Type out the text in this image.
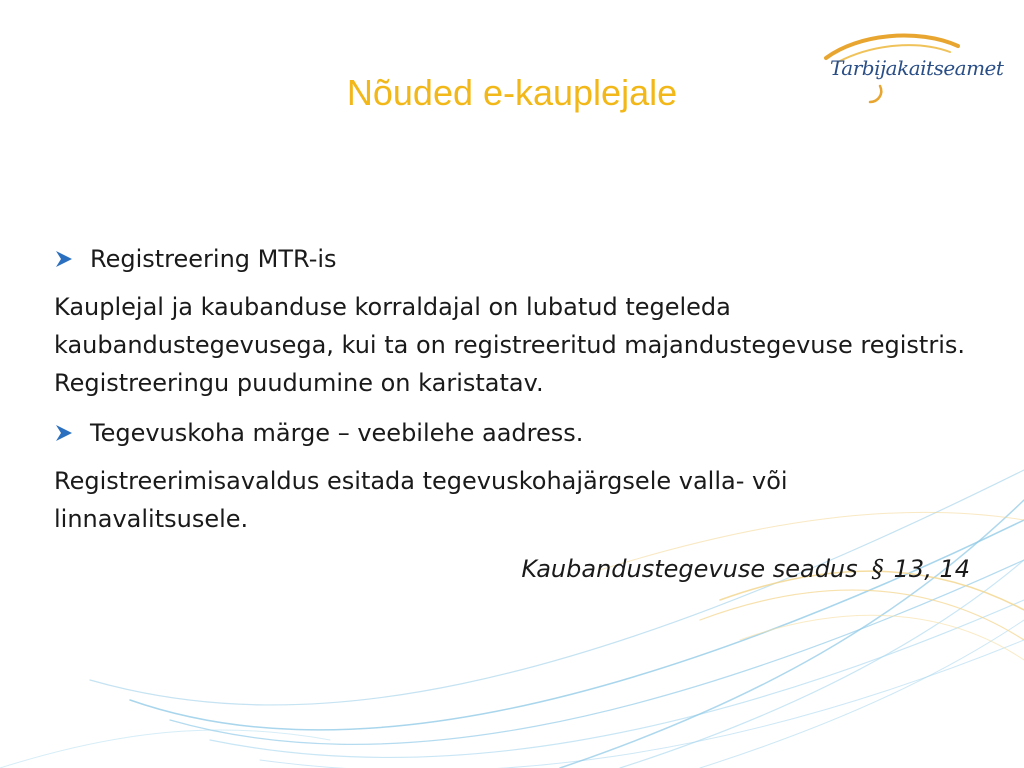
Tarbijakaitseamet
Nõuded e-kauplejale
Registreering MTR-is

Kauplejal ja kaubanduse korraldajal on lubatud tegeleda kaubandustegevusega, kui ta on registreeritud majandustegevuse registris. Registreeringu puudumine on karistatav.

Tegevuskoha märge – veebilehe aadress.

Registreerimisavaldus esitada tegevuskohajärgsele valla- või linnavalitsusele.

Kaubandustegevuse seadus § 13, 14
